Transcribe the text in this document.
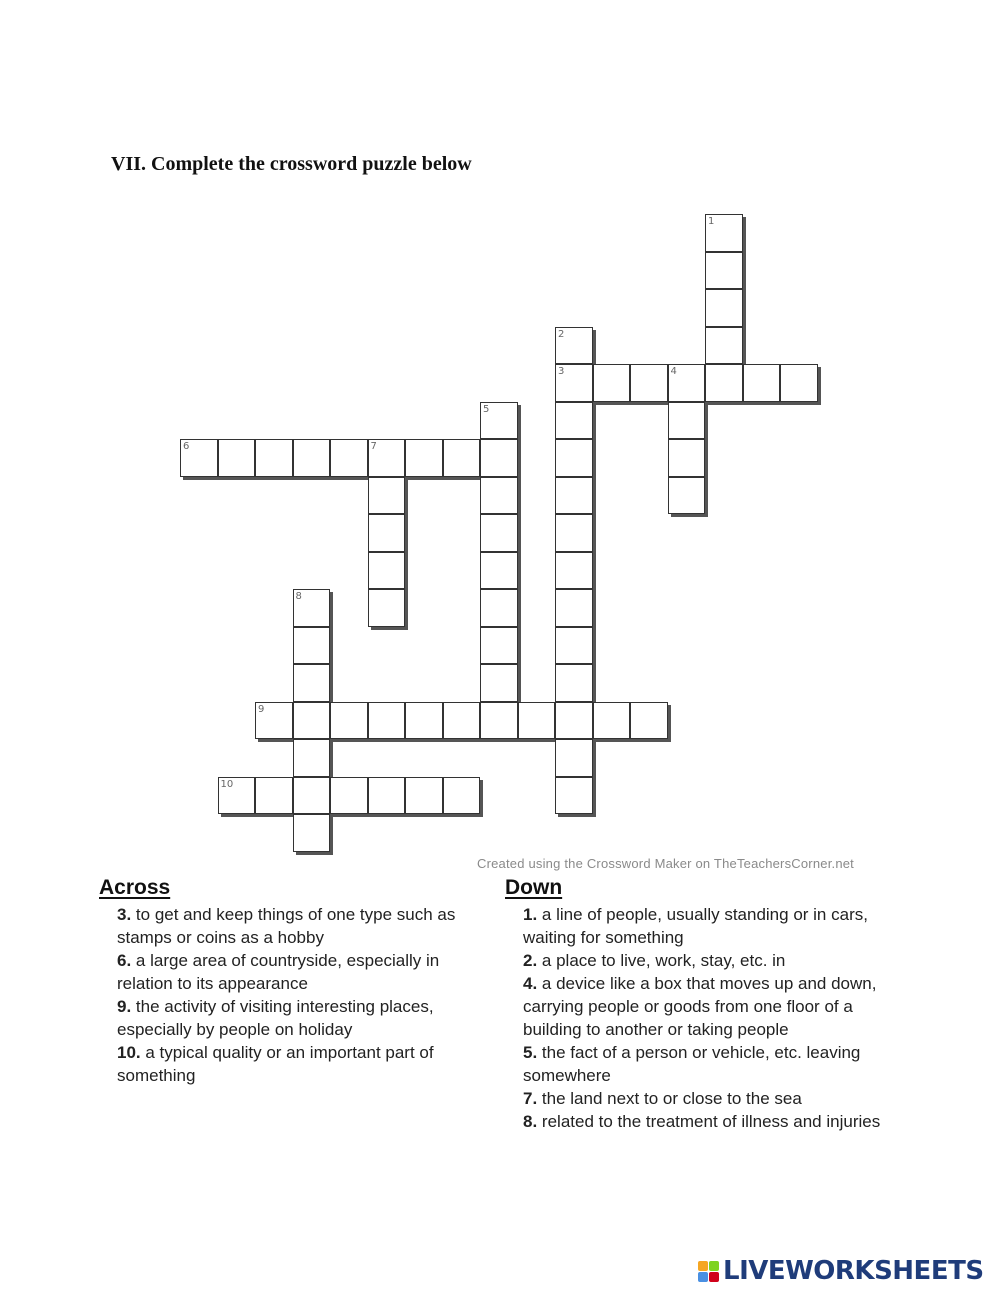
VII. Complete the crossword puzzle below
1
2
3	4
5
6	7
8
9
10
Created using the Crossword Maker on TheTeachersCorner.net
Across
3. to get and keep things of one type such as stamps or coins as a hobby
6. a large area of countryside, especially in relation to its appearance
9. the activity of visiting interesting places, especially by people on holiday
10. a typical quality or an important part of something
Down
1. a line of people, usually standing or in cars, waiting for something
2. a place to live, work, stay, etc. in
4. a device like a box that moves up and down, carrying people or goods from one floor of a building to another or taking people
5. the fact of a person or vehicle, etc. leaving somewhere
7. the land next to or close to the sea
8. related to the treatment of illness and injuries
LIVEWORKSHEETS
